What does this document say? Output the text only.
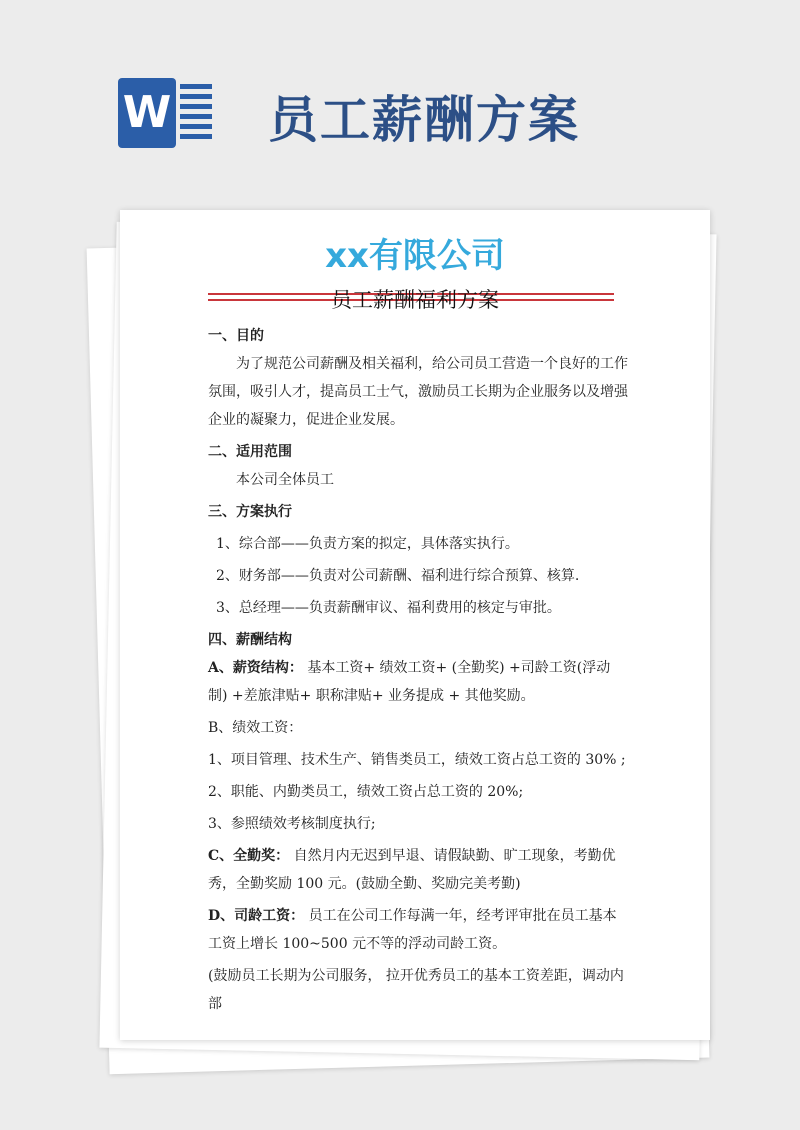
W 员工薪酬方案
xx有限公司
员工薪酬福利方案

一、目的

为了规范公司薪酬及相关福利，给公司员工营造一个良好的工作氛围，吸引人才，提高员工士气，激励员工长期为企业服务以及增强企业的凝聚力，促进企业发展。

二、适用范围

本公司全体员工

三、方案执行

1、综合部——负责方案的拟定，具体落实执行。

2、财务部——负责对公司薪酬、福利进行综合预算、核算.

3、总经理——负责薪酬审议、福利费用的核定与审批。

四、薪酬结构

A、薪资结构： 基本工资+ 绩效工资+ (全勤奖) +司龄工资(浮动制) +差旅津贴+ 职称津贴+ 业务提成 + 其他奖励。

B、绩效工资：

1、项目管理、技术生产、销售类员工，绩效工资占总工资的 30% ;

2、职能、内勤类员工，绩效工资占总工资的 20%;

3、参照绩效考核制度执行;

C、全勤奖： 自然月内无迟到早退、请假缺勤、旷工现象，考勤优秀，全勤奖励 100 元。(鼓励全勤、奖励完美考勤)

D、司龄工资： 员工在公司工作每满一年，经考评审批在员工基本工资上增长 100~500 元不等的浮动司龄工资。

(鼓励员工长期为公司服务， 拉开优秀员工的基本工资差距，调动内部
